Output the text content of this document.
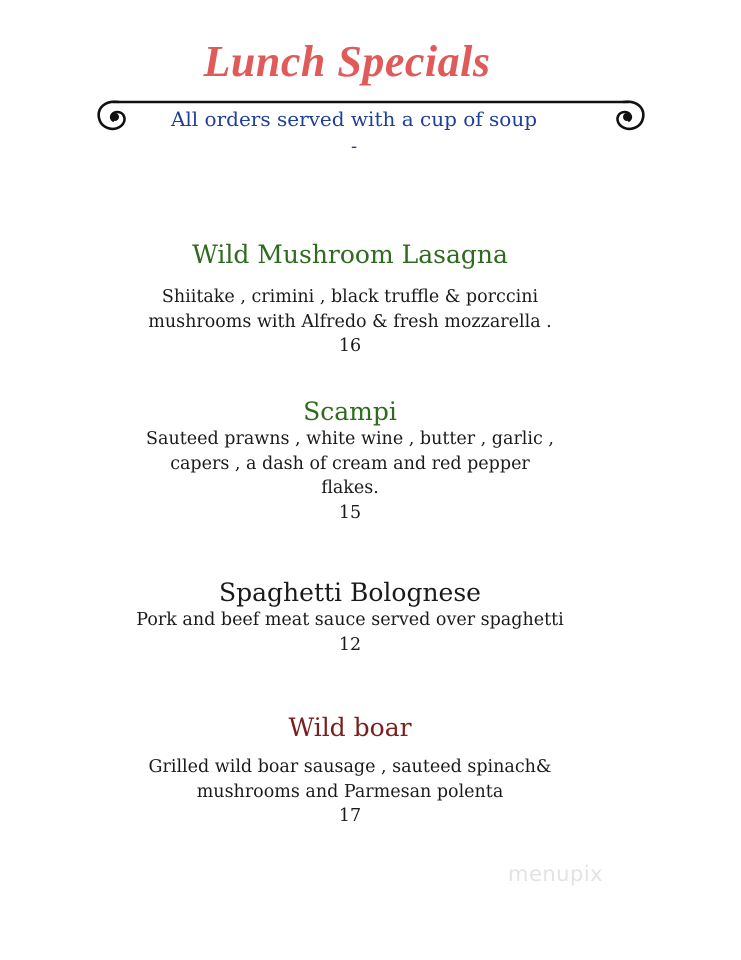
Lunch Specials
All orders served with a cup of soup
-
Wild Mushroom Lasagna

Shiitake , crimini , black truffle & porccini

mushrooms with Alfredo & fresh mozzarella .

16

Scampi

Sauteed prawns , white wine , butter , garlic ,

capers , a dash of cream and red pepper

flakes.

15

Spaghetti Bolognese

Pork and beef meat sauce served over spaghetti

12

Wild boar

Grilled wild boar sausage , sauteed spinach&

mushrooms and Parmesan polenta

17

menupix
